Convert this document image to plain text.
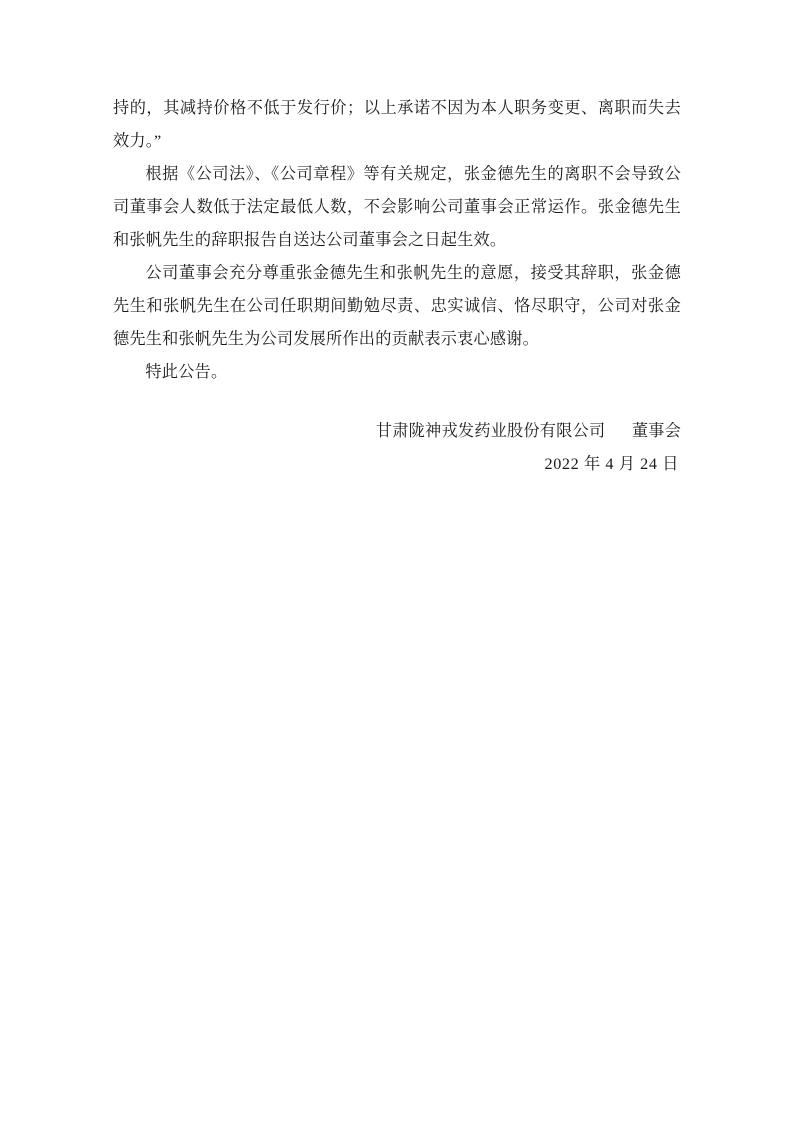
持的，其减持价格不低于发行价；以上承诺不因为本人职务变更、离职而失去效力。”

根据《公司法》、《公司章程》等有关规定，张金德先生的离职不会导致公司董事会人数低于法定最低人数，不会影响公司董事会正常运作。张金德先生和张帆先生的辞职报告自送达公司董事会之日起生效。

公司董事会充分尊重张金德先生和张帆先生的意愿，接受其辞职，张金德先生和张帆先生在公司任职期间勤勉尽责、忠实诚信、恪尽职守，公司对张金德先生和张帆先生为公司发展所作出的贡献表示衷心感谢。

特此公告。

甘肃陇神戎发药业股份有限公司 董事会
2022 年 4 月 24 日
